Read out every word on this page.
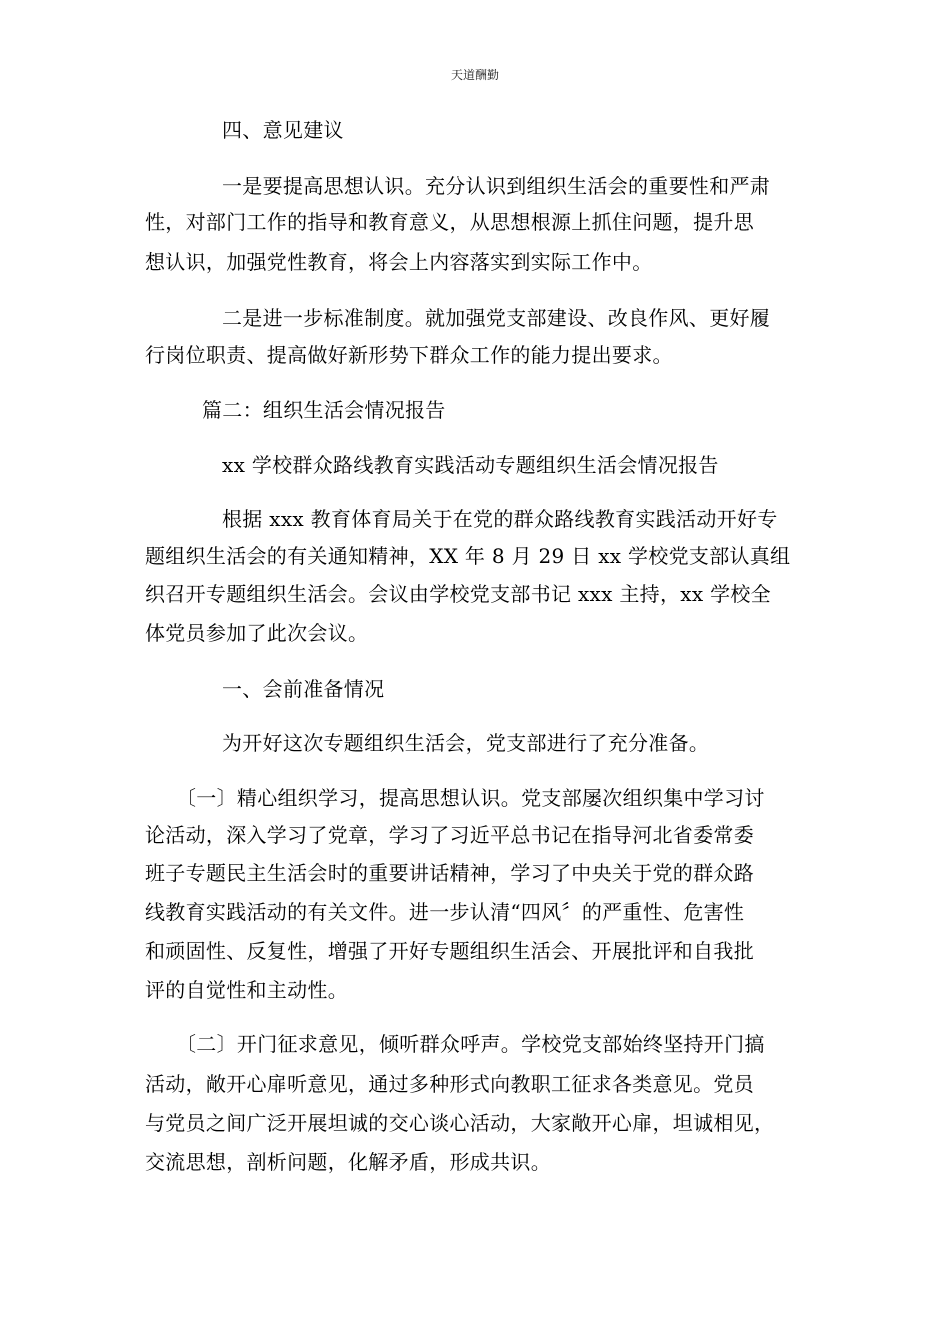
天道酬勤

四、意见建议

一是要提高思想认识。充分认识到组织生活会的重要性和严肃

性，对部门工作的指导和教育意义，从思想根源上抓住问题，提升思

想认识，加强党性教育，将会上内容落实到实际工作中。

二是进一步标准制度。就加强党支部建设、改良作风、更好履

行岗位职责、提高做好新形势下群众工作的能力提出要求。

篇二：组织生活会情况报告

xx 学校群众路线教育实践活动专题组织生活会情况报告

根据 xxx 教育体育局关于在党的群众路线教育实践活动开好专

题组织生活会的有关通知精神，XX 年 8 月 29 日 xx 学校党支部认真组

织召开专题组织生活会。会议由学校党支部书记 xxx 主持，xx 学校全

体党员参加了此次会议。

一、会前准备情况

为开好这次专题组织生活会，党支部进行了充分准备。

〔一〕精心组织学习，提高思想认识。党支部屡次组织集中学习讨

论活动，深入学习了党章，学习了习近平总书记在指导河北省委常委

班子专题民主生活会时的重要讲话精神，学习了中央关于党的群众路

线教育实践活动的有关文件。进一步认清“四风〞的严重性、危害性

和顽固性、反复性，增强了开好专题组织生活会、开展批评和自我批

评的自觉性和主动性。

〔二〕开门征求意见，倾听群众呼声。学校党支部始终坚持开门搞

活动，敞开心扉听意见，通过多种形式向教职工征求各类意见。党员

与党员之间广泛开展坦诚的交心谈心活动，大家敞开心扉，坦诚相见，

交流思想，剖析问题，化解矛盾，形成共识。
